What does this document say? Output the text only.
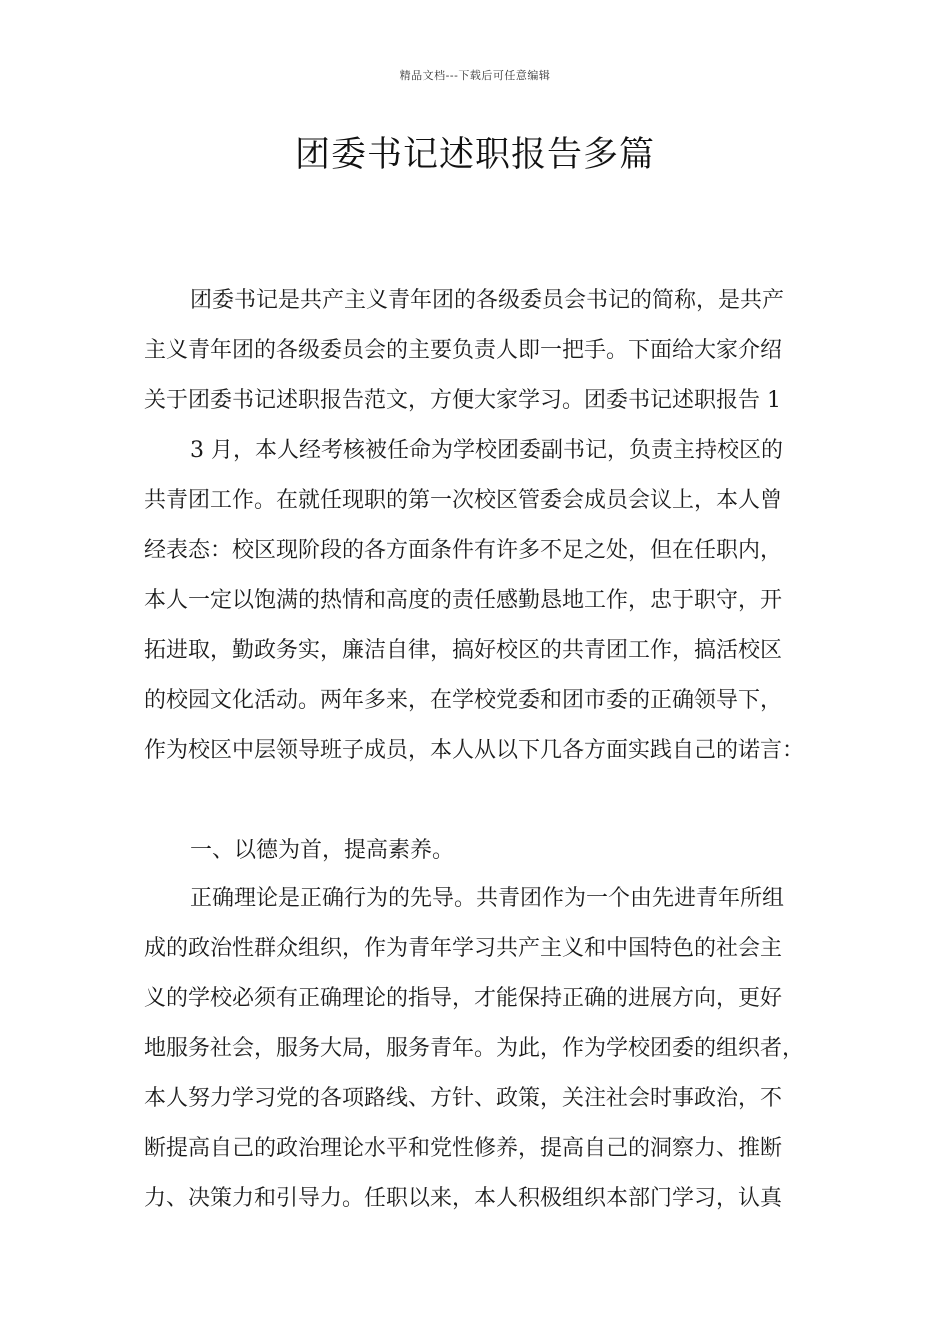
精品文档---下载后可任意编辑
团委书记述职报告多篇
团委书记是共产主义青年团的各级委员会书记的简称，是共产
主义青年团的各级委员会的主要负责人即一把手。下面给大家介绍
关于团委书记述职报告范文，方便大家学习。团委书记述职报告 1
3 月，本人经考核被任命为学校团委副书记，负责主持校区的
共青团工作。在就任现职的第一次校区管委会成员会议上，本人曾
经表态：校区现阶段的各方面条件有许多不足之处，但在任职内，
本人一定以饱满的热情和高度的责任感勤恳地工作，忠于职守，开
拓进取，勤政务实，廉洁自律，搞好校区的共青团工作，搞活校区
的校园文化活动。两年多来，在学校党委和团市委的正确领导下，
作为校区中层领导班子成员，本人从以下几各方面实践自己的诺言：
一、以德为首，提高素养。
正确理论是正确行为的先导。共青团作为一个由先进青年所组
成的政治性群众组织，作为青年学习共产主义和中国特色的社会主
义的学校必须有正确理论的指导，才能保持正确的进展方向，更好
地服务社会，服务大局，服务青年。为此，作为学校团委的组织者，
本人努力学习党的各项路线、方针、政策，关注社会时事政治，不
断提高自己的政治理论水平和党性修养，提高自己的洞察力、推断
力、决策力和引导力。任职以来，本人积极组织本部门学习，认真
